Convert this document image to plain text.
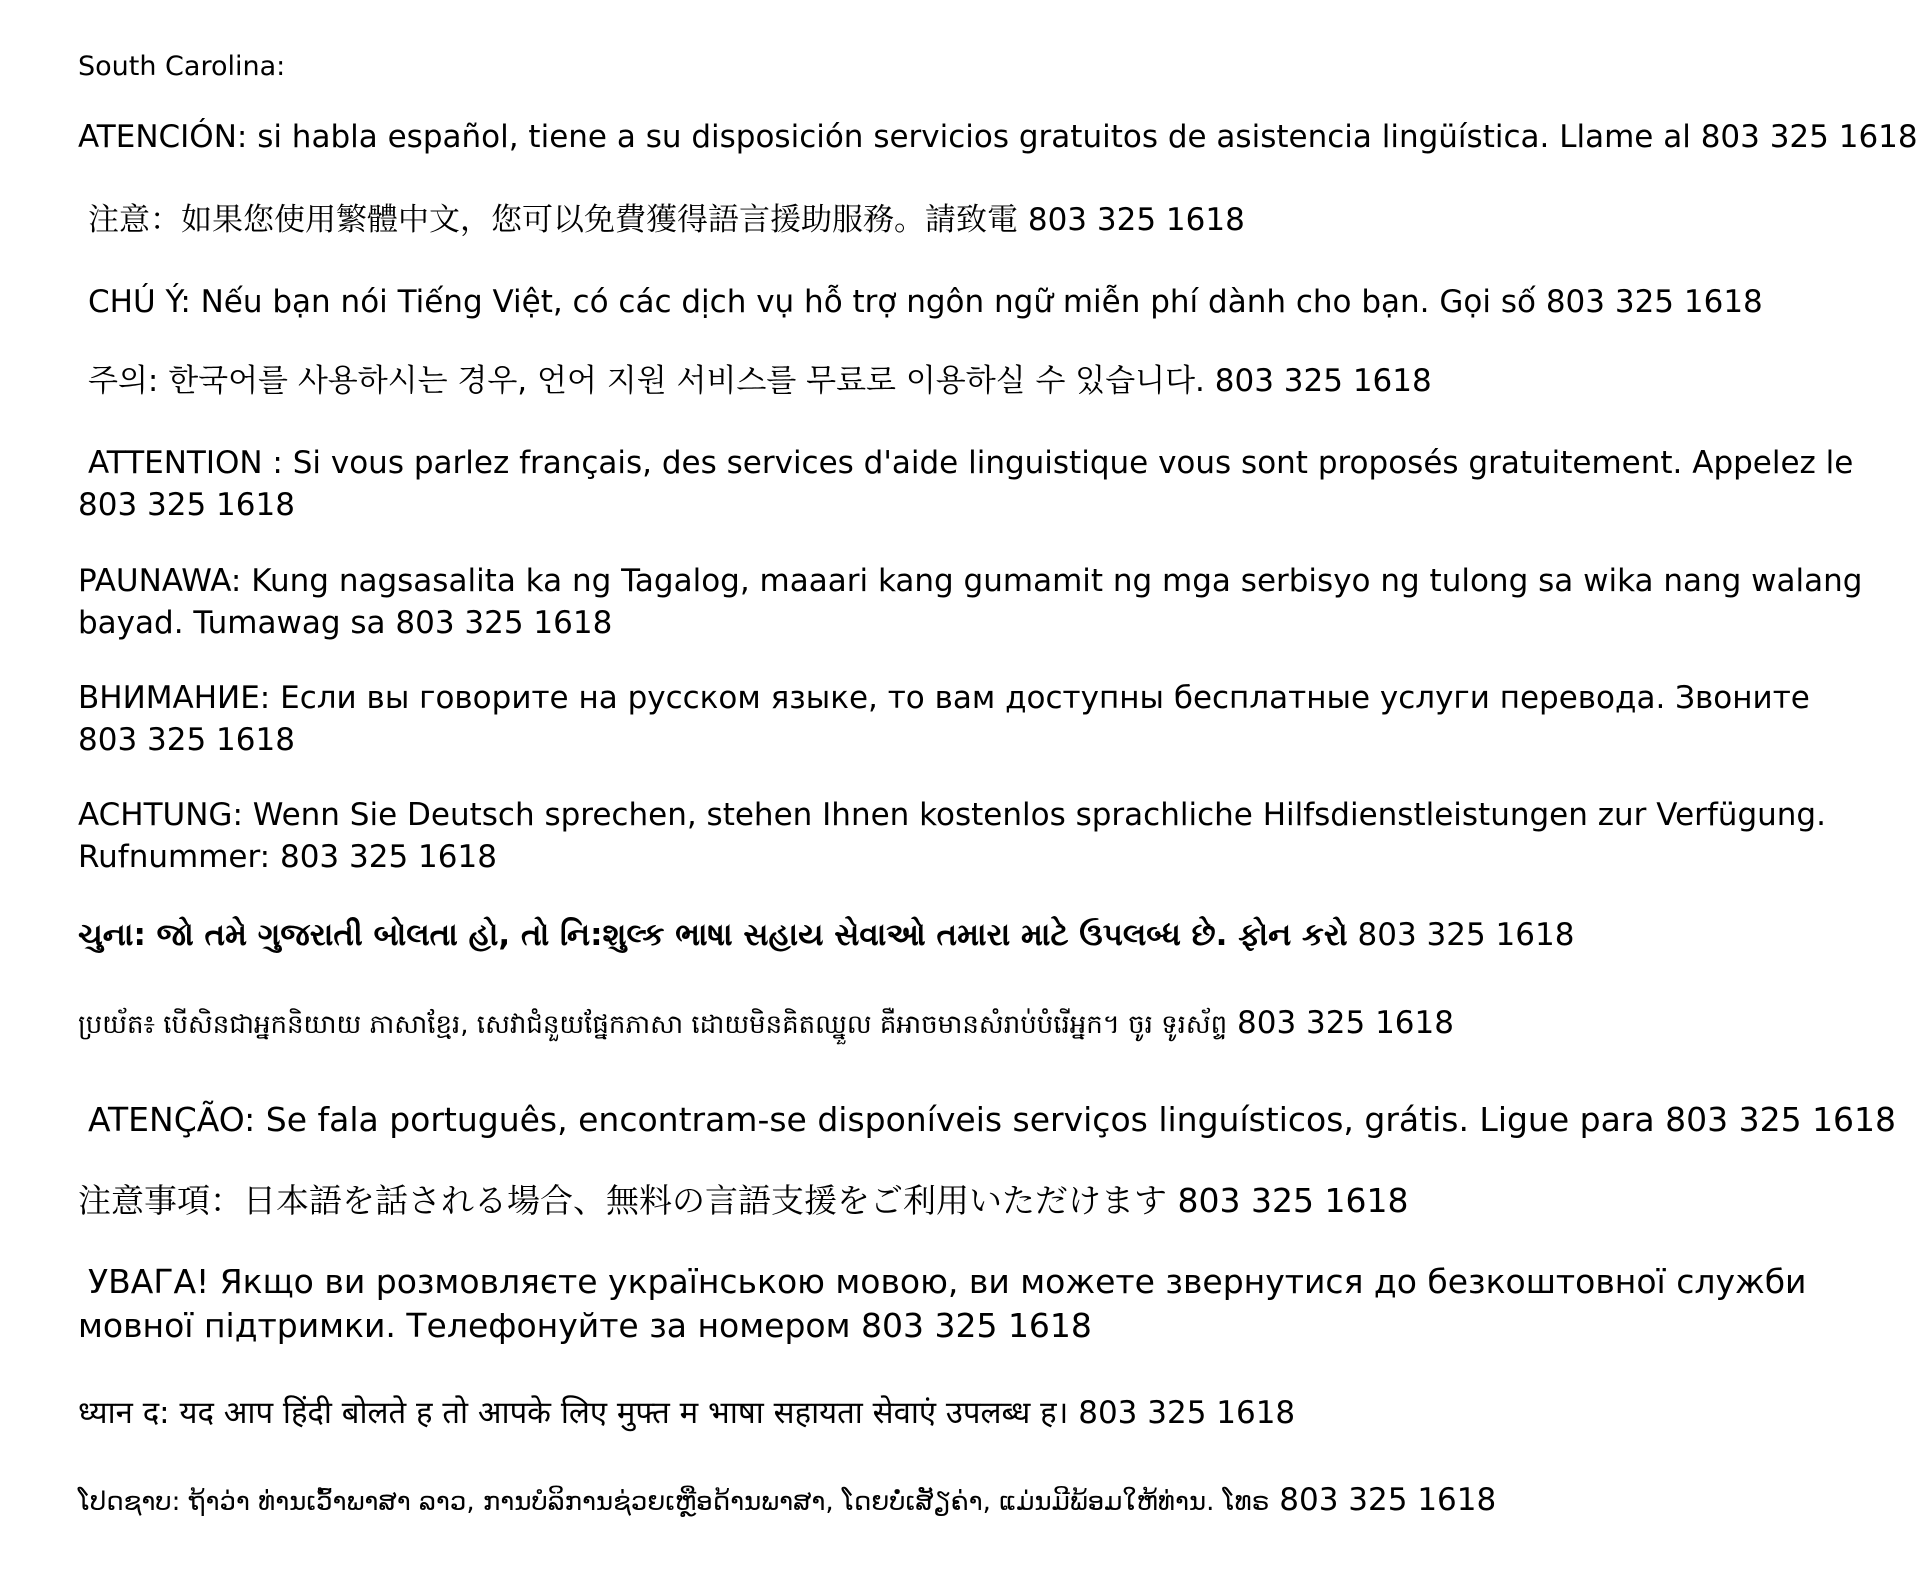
South Carolina:
ATENCIÓN: si habla español, tiene a su disposición servicios gratuitos de asistencia lingüística. Llame al 803 325 1618
注意：如果您使用繁體中文，您可以免費獲得語言援助服務。請致電 803 325 1618
CHÚ Ý: Nếu bạn nói Tiếng Việt, có các dịch vụ hỗ trợ ngôn ngữ miễn phí dành cho bạn. Gọi số 803 325 1618
주의: 한국어를 사용하시는 경우, 언어 지원 서비스를 무료로 이용하실 수 있습니다. 803 325 1618
ATTENTION : Si vous parlez français, des services d'aide linguistique vous sont proposés gratuitement. Appelez le 803 325 1618
PAUNAWA: Kung nagsasalita ka ng Tagalog, maaari kang gumamit ng mga serbisyo ng tulong sa wika nang walang bayad. Tumawag sa 803 325 1618
ВНИМАНИЕ: Если вы говорите на русском языке, то вам доступны бесплатные услуги перевода. Звоните 803 325 1618
ACHTUNG: Wenn Sie Deutsch sprechen, stehen Ihnen kostenlos sprachliche Hilfsdienstleistungen zur Verfügung. Rufnummer: 803 325 1618
ચુના: જો તમે ગુજરાતી બોલતા હો, તો નિ:શુલ્ક ભાષા સહાય સેવાઓ તમારા માટે ઉપલબ્ધ છે. ફોન કરો 803 325 1618
ប្រយ័ត៖ បើសិនជាអ្នកនិយាយ ភាសាខ្មែរ, សេវាជំនួយផ្នែកភាសា ដោយមិនគិតឈ្នួល គឺអាចមានសំរាប់បំរើអ្នក។ ចូរ ទូរស័ព្ទ 803 325 1618
ATENÇÃO: Se fala português, encontram-se disponíveis serviços linguísticos, grátis. Ligue para 803 325 1618
注意事項：日本語を話される場合、無料の言語支援をご利用いただけます 803 325 1618
УВАГА! Якщо ви розмовляєте українською мовою, ви можете звернутися до безкоштовної служби мовної підтримки. Телефонуйте за номером 803 325 1618
ध्यान द: यद आप हिंदी बोलते ह तो आपके लिए मुफ्त म भाषा सहायता सेवाएं उपलब्ध ह। 803 325 1618
ໂປດຊາບ: ຖ້າວ່າ ທ່ານເວົ້າພາສາ ລາວ, ການບໍລິການຊ່ວຍເຫຼືອດ້ານພາສາ, ໂດຍບໍ່ເສັຽຄ່າ, ແມ່ນມີພ້ອມໃຫ້ທ່ານ. ໂທຣ 803 325 1618
